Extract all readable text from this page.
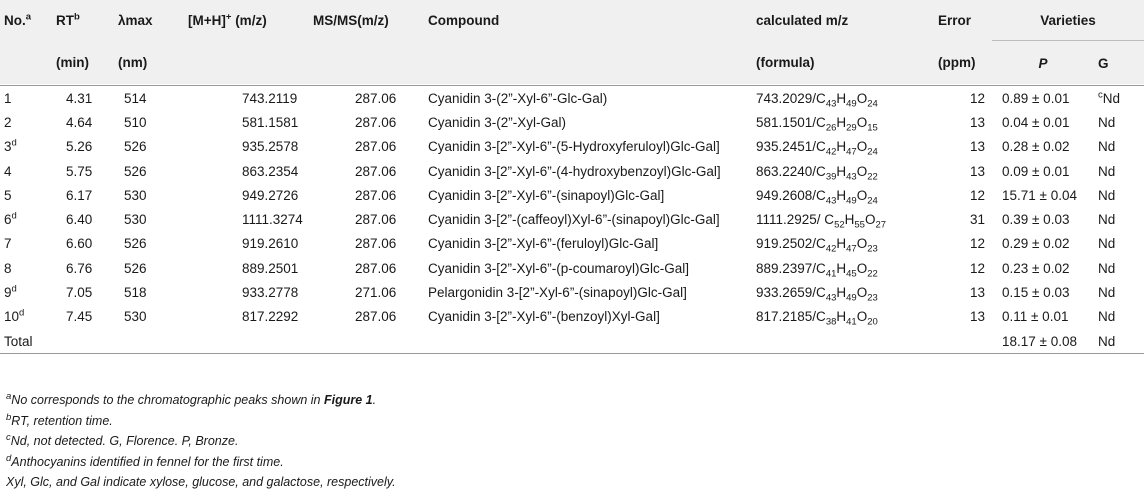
No.$^a$	$RT^b$	λmax	[M+H]+ (m/z)	MS/MS(m/z)	Compound	calculated m/z	Error	Varieties	
	(min)	(nm)				(formula)	(ppm)	P	G
1	4.31	514	743.2119	287.06	Cyanidin 3-(2”-Xyl-6”-Glc-Gal)	$743.2029/C_{43}H_{49}O_{24}$	12	0.89 ± 0.01	$^c$Nd
2	4.64	510	581.1581	287.06	Cyanidin 3-(2”-Xyl-Gal)	$581.1501/C_{26}H_{29}O_{15}$	13	0.04 ± 0.01	Nd
3$^d$	5.26	526	935.2578	287.06	Cyanidin 3-[2”-Xyl-6”-(5-Hydroxyferuloyl)Glc-Gal]	$935.2451/C_{42}H_{47}O_{24}$	13	0.28 ± 0.02	Nd
4	5.75	526	863.2354	287.06	Cyanidin 3-[2”-Xyl-6”-(4-hydroxybenzoyl)Glc-Gal]	$863.2240/C_{39}H_{43}O_{22}$	13	0.09 ± 0.01	Nd
5	6.17	530	949.2726	287.06	Cyanidin 3-[2”-Xyl-6”-(sinapoyl)Glc-Gal]	$949.2608/C_{43}H_{49}O_{24}$	12	15.71 ± 0.04	Nd
6$^d$	6.40	530	1111.3274	287.06	Cyanidin 3-[2”-(caffeoyl)Xyl-6”-(sinapoyl)Glc-Gal]	1111.2925/ $C_{52}H_{55}O_{27}$	31	0.39 ± 0.03	Nd
7	6.60	526	919.2610	287.06	Cyanidin 3-[2”-Xyl-6”-(feruloyl)Glc-Gal]	$919.2502/C_{42}H_{47}O_{23}$	12	0.29 ± 0.02	Nd
8	6.76	526	889.2501	287.06	Cyanidin 3-[2”-Xyl-6”-(p-coumaroyl)Glc-Gal]	$889.2397/C_{41}H_{45}O_{22}$	12	0.23 ± 0.02	Nd
9$^d$	7.05	518	933.2778	271.06	Pelargonidin 3-[2”-Xyl-6”-(sinapoyl)Glc-Gal]	$933.2659/C_{43}H_{49}O_{23}$	13	0.15 ± 0.03	Nd
10$^d$	7.45	530	817.2292	287.06	Cyanidin 3-[2”-Xyl-6”-(benzoyl)Xyl-Gal]	$817.2185/C_{38}H_{41}O_{20}$	13	0.11 ± 0.01	Nd
Total								18.17 ± 0.08	Nd
$^a$No corresponds to the chromatographic peaks shown in Figure 1.
$^b$RT, retention time.
$^c$Nd, not detected. G, Florence. P, Bronze.
$^d$Anthocyanins identified in fennel for the first time.
Xyl, Glc, and Gal indicate xylose, glucose, and galactose, respectively.
